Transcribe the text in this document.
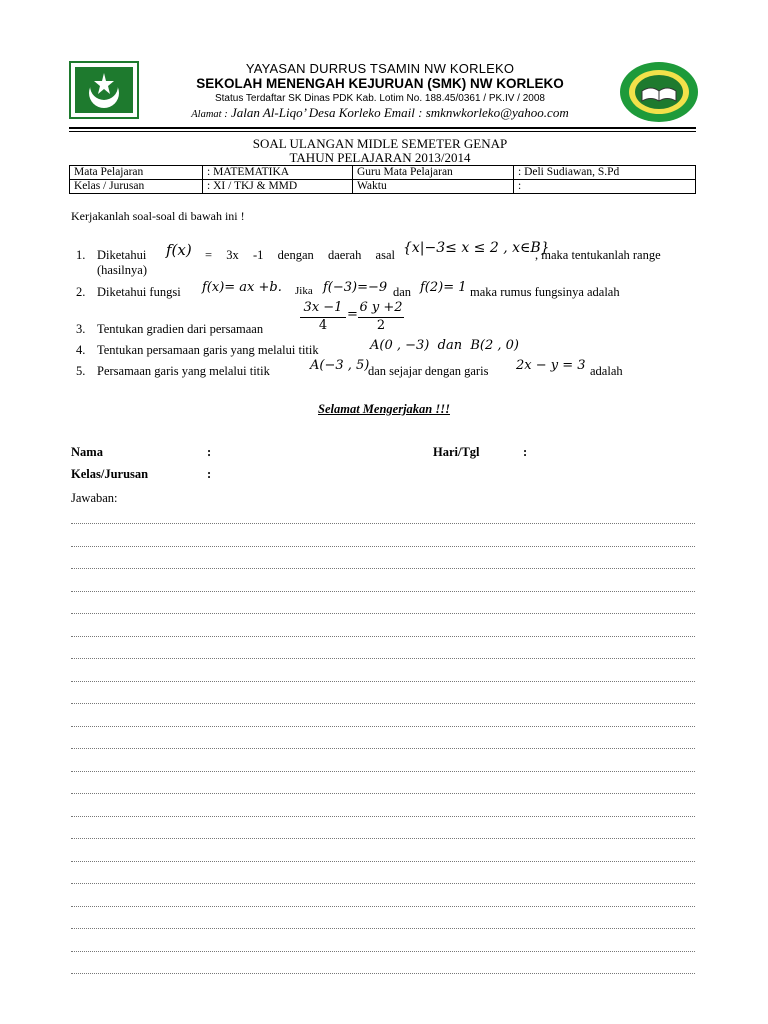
YAYASAN DURRUS TSAMIN NW KORLEKO
SEKOLAH MENENGAH KEJURUAN (SMK) NW KORLEKO
Status Terdaftar SK Dinas PDK Kab. Lotim No. 188.45/0361 / PK.IV / 2008
Alamat : Jalan Al-Liqo’ Desa Korleko Email : smknwkorleko@yahoo.com
SOAL ULANGAN MIDLE SEMETER GENAP
TAHUN PELAJARAN 2013/2014
Mata Pelajaran	: MATEMATIKA	Guru Mata Pelajaran	: Deli Sudiawan, S.Pd
Kelas / Jurusan	: XI / TKJ & MMD	Waktu	:
Kerjakanlah soal-soal di bawah ini !
1. Diketahui f(x) = 3x -1 dengan daerah asal {x|−3≤ x ≤ 2 , x∈B}
, maka tentukanlah range
(hasilnya)
2. Diketahui fungsi f(x)= ax +b. Jika f(−3)=−9 dan f(2)= 1 maka rumus fungsinya adalah
3. Tentukan gradien dari persamaan
3x −1
4
= 6 y +2
2
4. Tentukan persamaan garis yang melalui titik	A(0 , −3)  dan  B(2 , 0)
5. Persamaan garis yang melalui titik	A(−3 , 5)
dan sejajar dengan garis 2x − y = 3 adalah
Selamat Mengerjakan !!!
Nama	:	Hari/Tgl	:
Kelas/Jurusan	:
Jawaban:
